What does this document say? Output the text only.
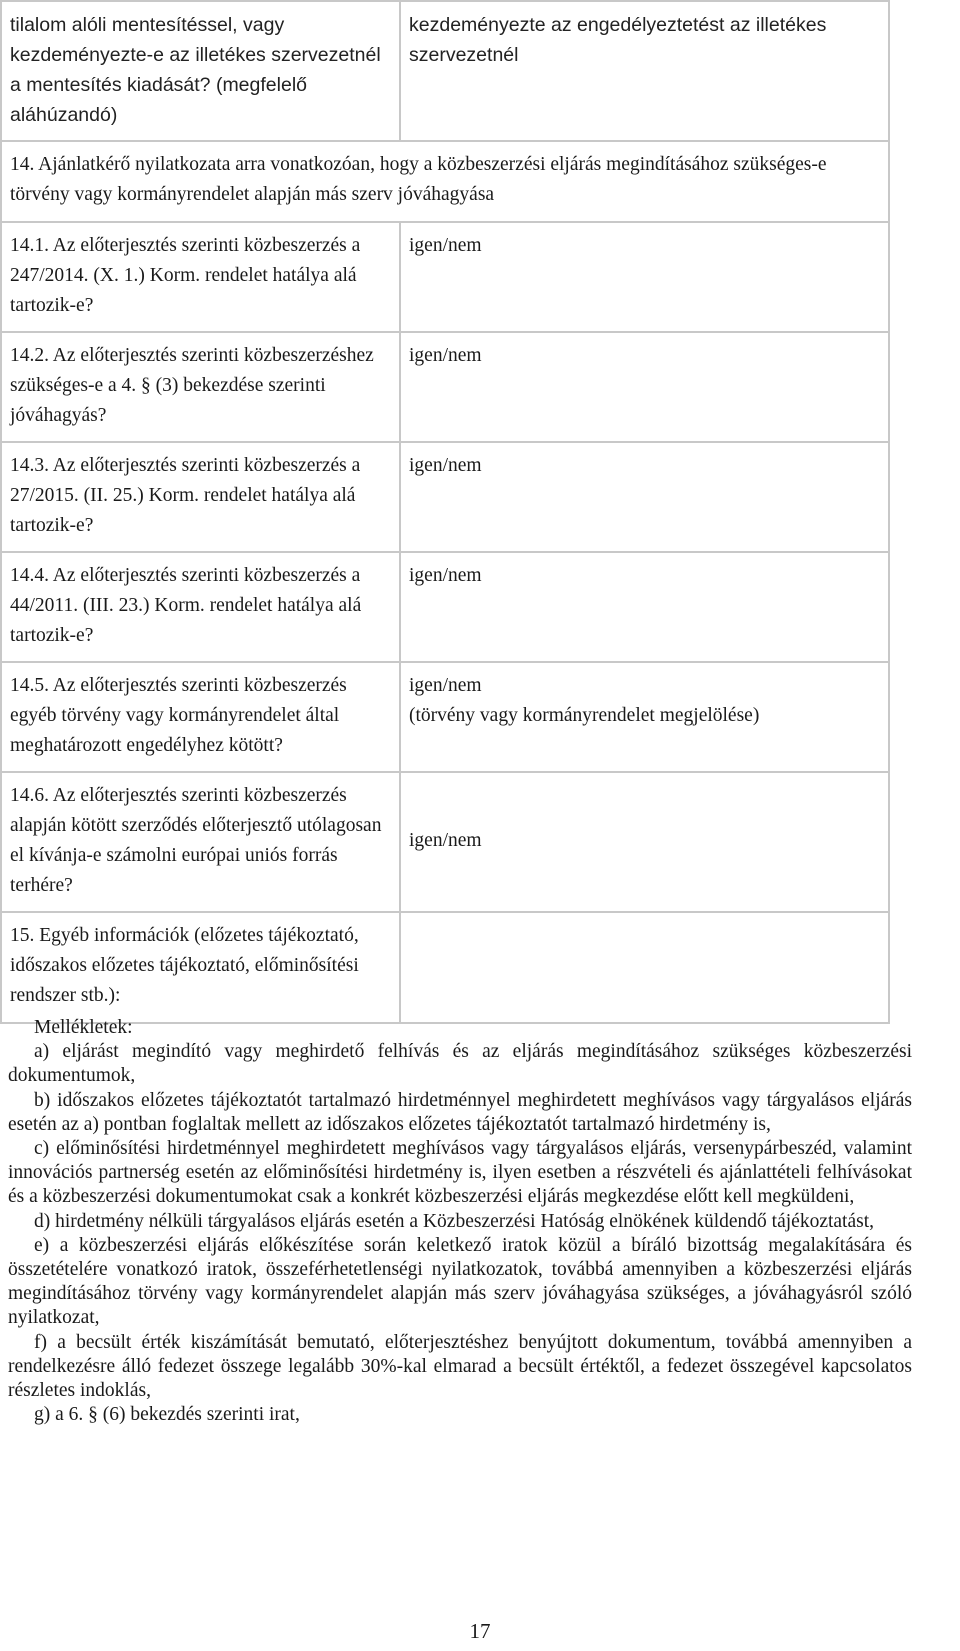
tilalom alóli mentesítéssel, vagy kezdeményezte-e az illetékes szervezetnél a mentesítés kiadását? (megfelelő aláhúzandó)	kezdeményezte az engedélyeztetést az illetékes szervezetnél
14. Ajánlatkérő nyilatkozata arra vonatkozóan, hogy a közbeszerzési eljárás megindításához szükséges-e törvény vagy kormányrendelet alapján más szerv jóváhagyása	
14.1. Az előterjesztés szerinti közbeszerzés a 247/2014. (X. 1.) Korm. rendelet hatálya alá tartozik-e?	igen/nem
14.2. Az előterjesztés szerinti közbeszerzéshez szükséges-e a 4. § (3) bekezdése szerinti jóváhagyás?	igen/nem
14.3. Az előterjesztés szerinti közbeszerzés a 27/2015. (II. 25.) Korm. rendelet hatálya alá tartozik-e?	igen/nem
14.4. Az előterjesztés szerinti közbeszerzés a 44/2011. (III. 23.) Korm. rendelet hatálya alá tartozik-e?	igen/nem
14.5. Az előterjesztés szerinti közbeszerzés egyéb törvény vagy kormányrendelet által meghatározott engedélyhez kötött?	igen/nem
(törvény vagy kormányrendelet megjelölése)

14.6. Az előterjesztés szerinti közbeszerzés alapján kötött szerződés előterjesztő utólagosan el kívánja-e számolni európai uniós forrás terhére?	igen/nem

15. Egyéb információk (előzetes tájékoztató, időszakos előzetes tájékoztató, előminősítési rendszer stb.):	
Mellékletek:

a) eljárást megindító vagy meghirdető felhívás és az eljárás megindításához szükséges közbeszerzési dokumentumok,

b) időszakos előzetes tájékoztatót tartalmazó hirdetménnyel meghirdetett meghívásos vagy tárgyalásos eljárás esetén az a) pontban foglaltak mellett az időszakos előzetes tájékoztatót tartalmazó hirdetmény is,

c) előminősítési hirdetménnyel meghirdetett meghívásos vagy tárgyalásos eljárás, versenypárbeszéd, valamint innovációs partnerség esetén az előminősítési hirdetmény is, ilyen esetben a részvételi és ajánlattételi felhívásokat és a közbeszerzési dokumentumokat csak a konkrét közbeszerzési eljárás megkezdése előtt kell megküldeni,

d) hirdetmény nélküli tárgyalásos eljárás esetén a Közbeszerzési Hatóság elnökének küldendő tájékoztatást,

e) a közbeszerzési eljárás előkészítése során keletkező iratok közül a bíráló bizottság megalakítására és összetételére vonatkozó iratok, összeférhetetlenségi nyilatkozatok, továbbá amennyiben a közbeszerzési eljárás megindításához törvény vagy kormányrendelet alapján más szerv jóváhagyása szükséges, a jóváhagyásról szóló nyilatkozat,

f) a becsült érték kiszámítását bemutató, előterjesztéshez benyújtott dokumentum, továbbá amennyiben a rendelkezésre álló fedezet összege legalább 30%-kal elmarad a becsült értéktől, a fedezet összegével kapcsolatos részletes indoklás,

g) a 6. § (6) bekezdés szerinti irat,

17
